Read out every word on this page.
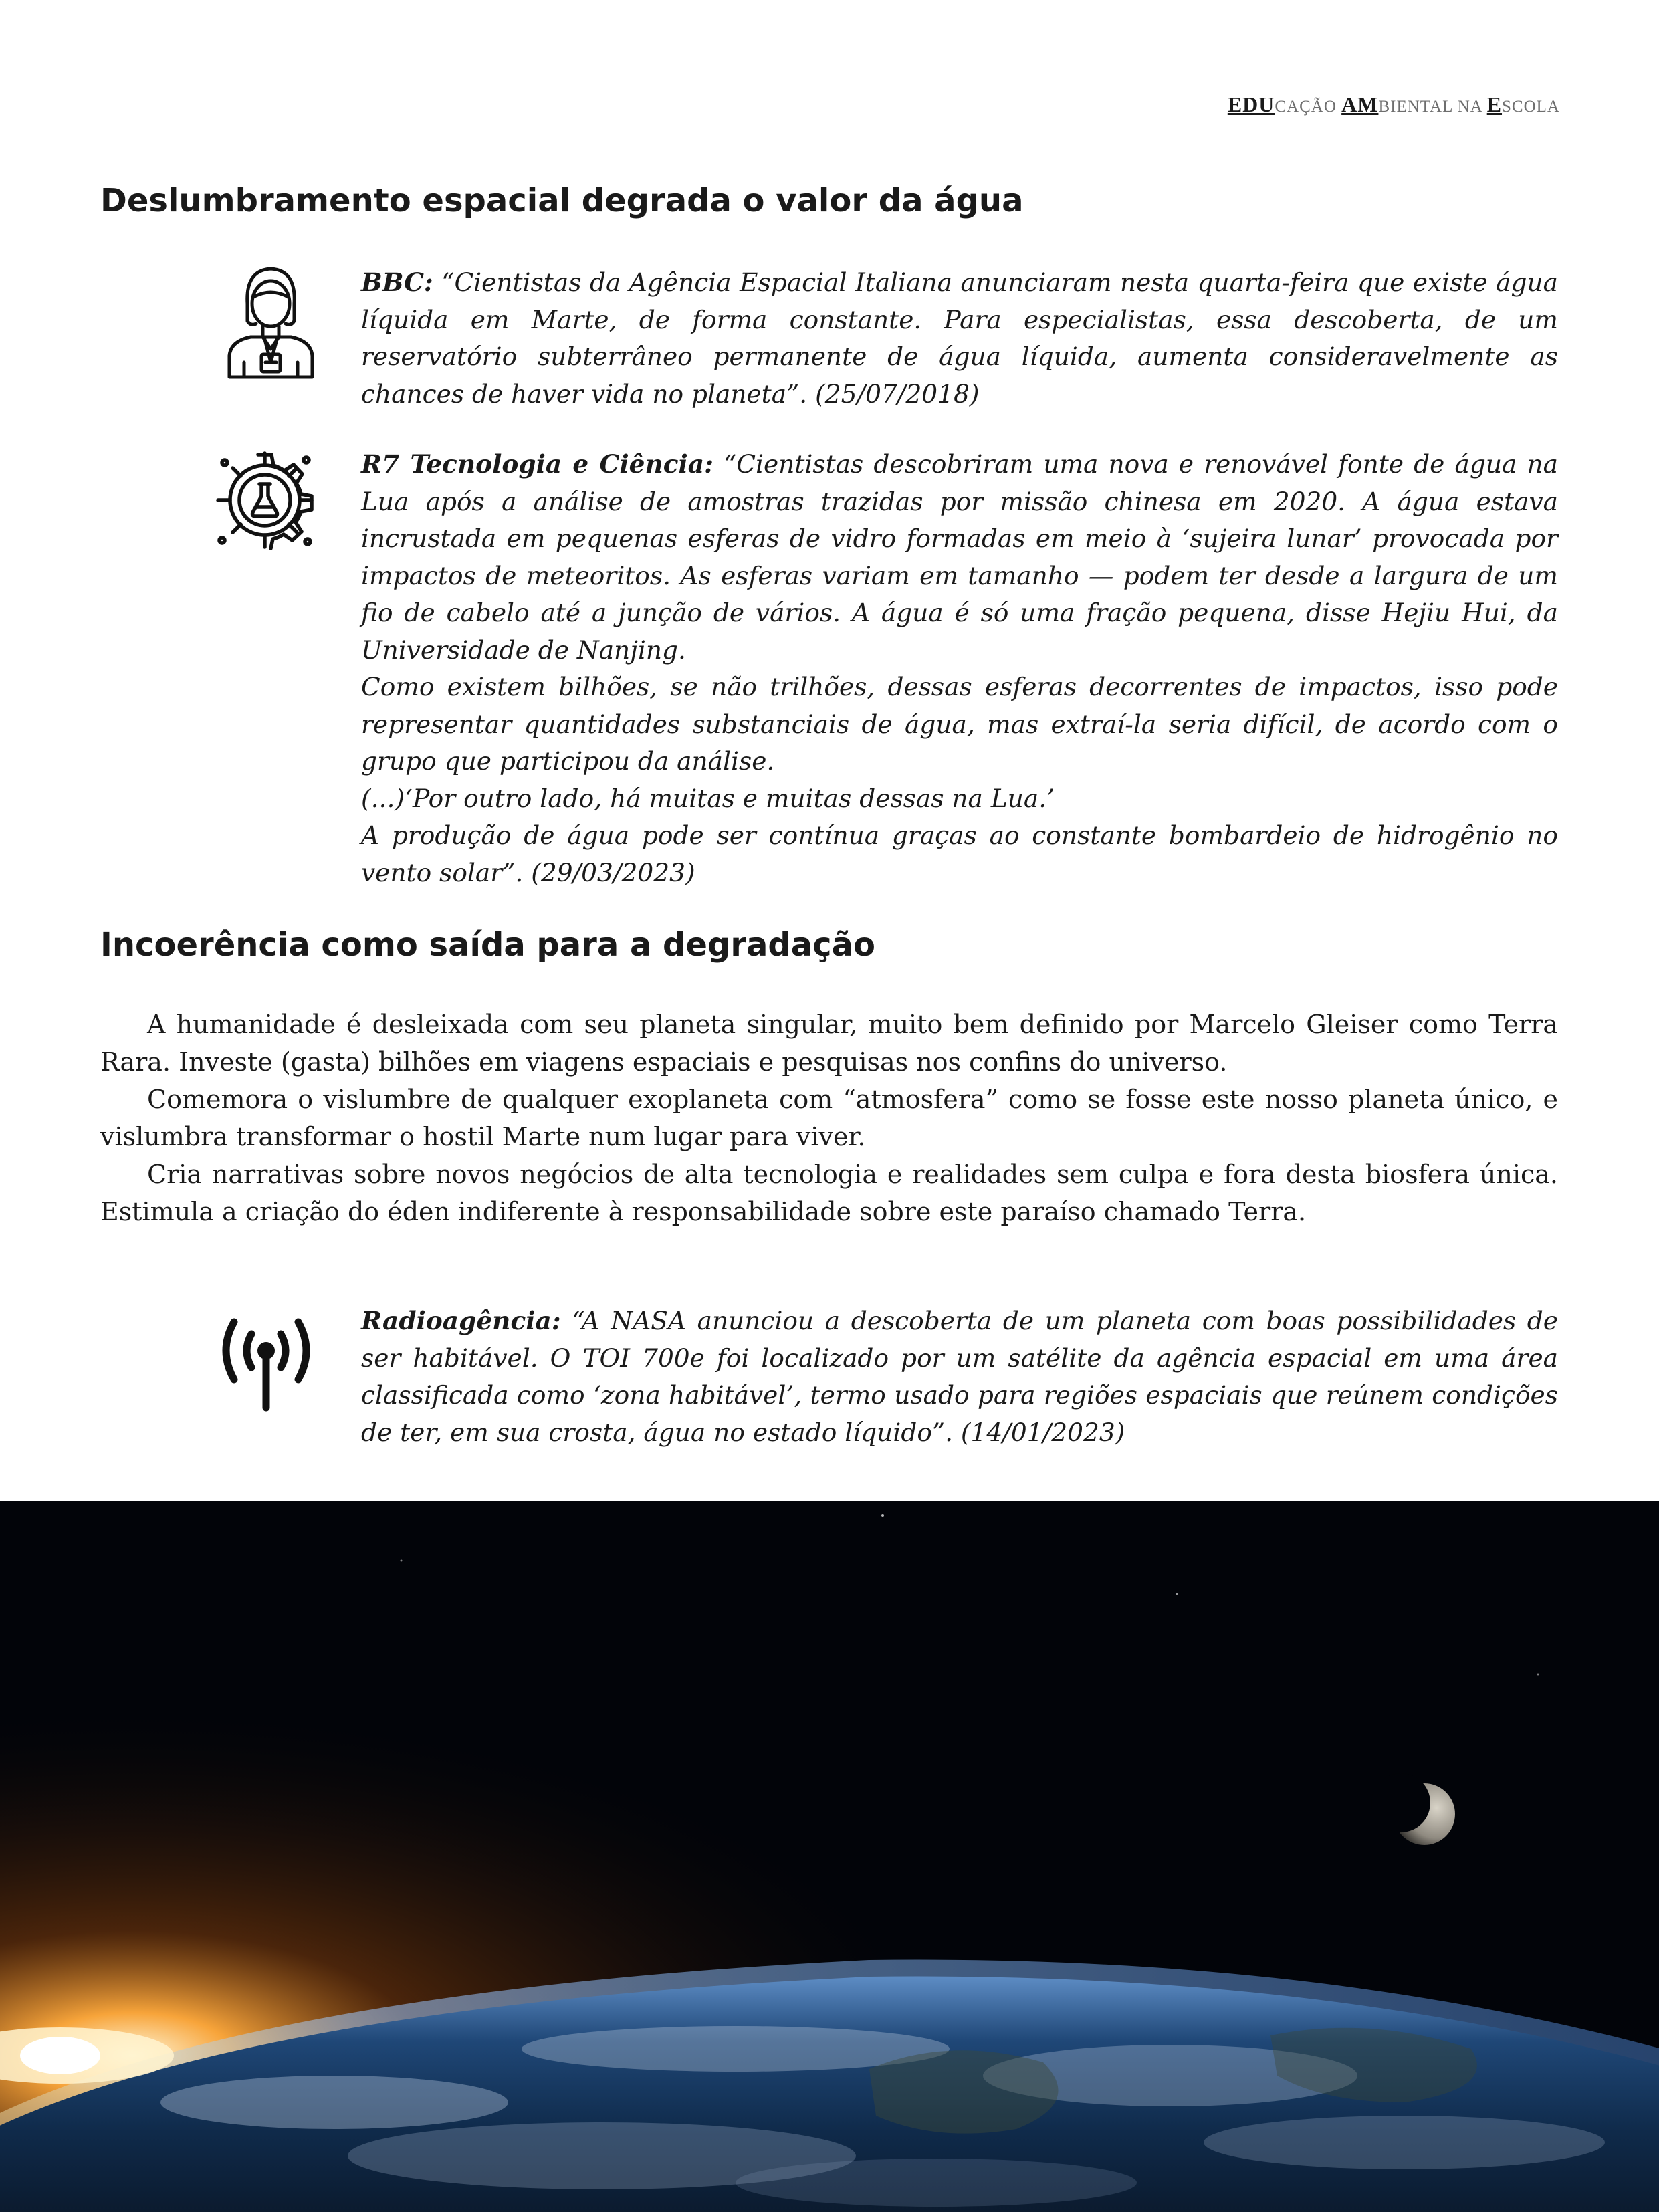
EDUCAÇÃO AMBIENTAL NA ESCOLA
Deslumbramento espacial degrada o valor da água

BBC: “Cientistas da Agência Espacial Italiana anunciaram nesta quarta-feira que existe água líquida em Marte, de forma constante. Para especialistas, essa descoberta, de um reservatório subterrâneo permanente de água líquida, aumenta consideravelmente as chances de haver vida no planeta”. (25/07/2018)

R7 Tecnologia e Ciência: “Cientistas descobriram uma nova e renovável fonte de água na Lua após a análise de amostras trazidas por missão chinesa em 2020. A água estava incrustada em pequenas esferas de vidro formadas em meio à ‘sujeira lunar’ provocada por impactos de meteoritos. As esferas variam em tamanho — podem ter desde a largura de um fio de cabelo até a junção de vários. A água é só uma fração pequena, disse Hejiu Hui, da Universidade de Nanjing.

Como existem bilhões, se não trilhões, dessas esferas decorrentes de impactos, isso pode representar quantidades substanciais de água, mas extraí-la seria difícil, de acordo com o grupo que participou da análise.

(...)‘Por outro lado, há muitas e muitas dessas na Lua.’

A produção de água pode ser contínua graças ao constante bombardeio de hidrogênio no vento solar”. (29/03/2023)

Incoerência como saída para a degradação

A humanidade é desleixada com seu planeta singular, muito bem definido por Marcelo Gleiser como Terra Rara. Investe (gasta) bilhões em viagens espaciais e pesquisas nos confins do universo.

Comemora o vislumbre de qualquer exoplaneta com “atmosfera” como se fosse este nosso planeta único, e vislumbra transformar o hostil Marte num lugar para viver.

Cria narrativas sobre novos negócios de alta tecnologia e realidades sem culpa e fora desta biosfera única. Estimula a criação do éden indiferente à responsabilidade sobre este paraíso chamado Terra.

Radioagência: “A NASA anunciou a descoberta de um planeta com boas possibilidades de ser habitável. O TOI 700e foi localizado por um satélite da agência espacial em uma área classificada como ‘zona habitável’, termo usado para regiões espaciais que reúnem condições de ter, em sua crosta, água no estado líquido”. (14/01/2023)
